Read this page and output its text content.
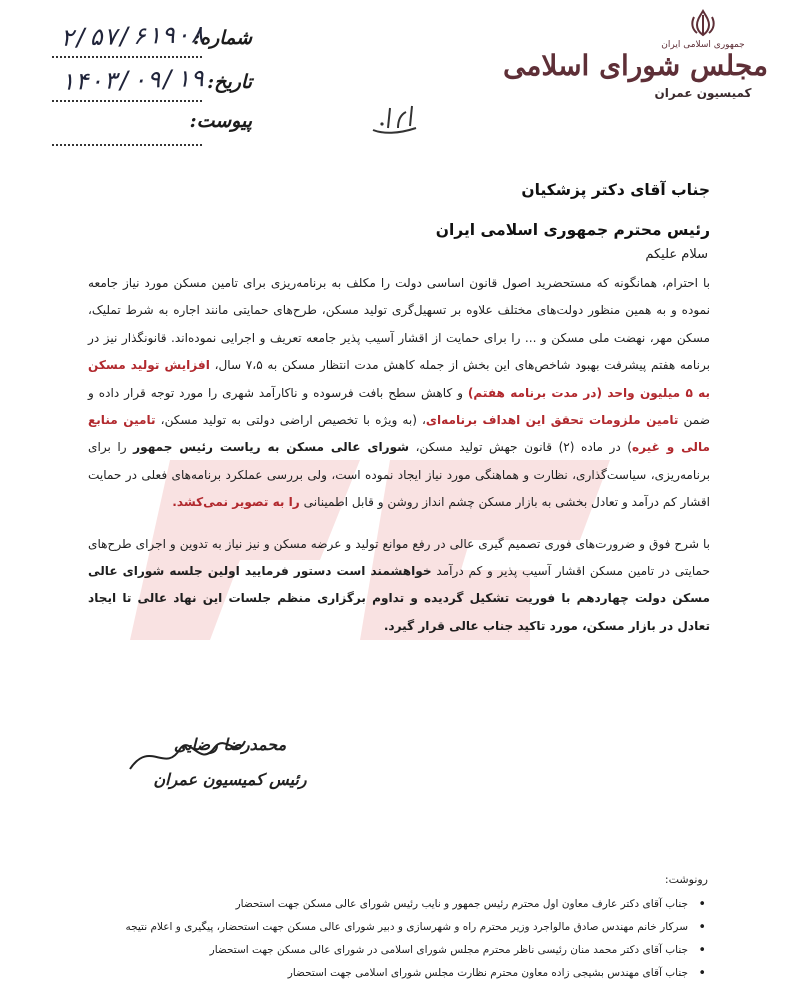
شماره:
۲/۵۷/۶۱۹۰۸
تاریخ:
۱۴۰۳/۰۹/۱۹
پیوست:
جمهوری اسلامی ایران
مجلس شورای اسلامی
کمیسیون عمران
جناب آقای دکتر پزشکیان
رئیس محترم جمهوری اسلامی ایران
سلام علیکم

با احترام، همانگونه که مستحضرید اصول قانون اساسی دولت را مکلف به برنامه‌ریزی برای تامین مسکن مورد نیاز جامعه نموده و به همین منظور دولت‌های مختلف علاوه بر تسهیل‌گری تولید مسکن، طرح‌های حمایتی مانند اجاره به شرط تملیک، مسکن مهر، نهضت ملی مسکن و ... را برای حمایت از اقشار آسیب پذیر جامعه تعریف و اجرایی نموده‌اند. قانونگذار نیز در برنامه هفتم پیشرفت بهبود شاخص‌های این بخش از جمله کاهش مدت انتظار مسکن به ۷،۵ سال، افزایش تولید مسکن به ۵ میلیون واحد (در مدت برنامه هفتم) و کاهش سطح بافت فرسوده و ناکارآمد شهری را مورد توجه قرار داده و ضمن تامین ملزومات تحقق این اهداف برنامه‌ای، (به ویژه با تخصیص اراضی دولتی به تولید مسکن، تامین منابع مالی و غیره) در ماده (۲) قانون جهش تولید مسکن، شورای عالی مسکن به ریاست رئیس جمهور را برای برنامه‌ریزی، سیاست‌گذاری، نظارت و هماهنگی مورد نیاز ایجاد نموده است، ولی بررسی عملکرد برنامه‌های فعلی در حمایت اقشار کم درآمد و تعادل بخشی به بازار مسکن چشم انداز روشن و قابل اطمینانی را به تصویر نمی‌کشد.

با شرح فوق و ضرورت‌های فوری تصمیم گیری عالی در رفع موانع تولید و عرضه مسکن و نیز نیاز به تدوین و اجرای طرح‌های حمایتی در تامین مسکن اقشار آسیب پذیر و کم درآمد خواهشمند است دستور فرمایید اولین جلسه شورای عالی مسکن دولت چهاردهم با فوریت تشکیل گردیده و تداوم برگزاری منظم جلسات این نهاد عالی تا ایجاد تعادل در بازار مسکن، مورد تاکید جناب عالی قرار گیرد.

محمدرضا رضایی
رئیس کمیسیون عمران
رونوشت:
• جناب آقای دکتر عارف معاون اول محترم رئیس جمهور و نایب رئیس شورای عالی مسکن جهت استحضار
• سرکار خانم مهندس صادق مالواجرد وزیر محترم راه و شهرسازی و دبیر شورای عالی مسکن جهت استحضار، پیگیری و اعلام نتیجه
• جناب آقای دکتر محمد منان رئیسی ناظر محترم مجلس شورای اسلامی در شورای عالی مسکن جهت استحضار
• جناب آقای مهندس بشیجی زاده معاون محترم نظارت مجلس شورای اسلامی جهت استحضار
